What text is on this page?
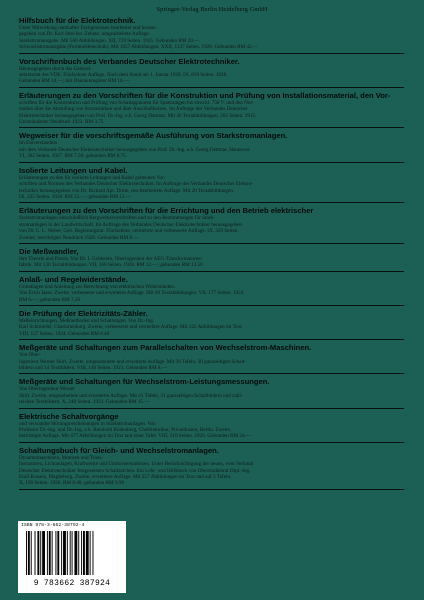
Springer-Verlag Berlin Heidelberg GmbH
Hilfsbuch für die Elektrotechnik.
Unter Mitwirkung namhafter Fachgenossen bearbeitet und heraus-
gegeben von Dr. Karl Strecker. Zehnte, umgearbeitete Auflage.
Starkstromausgabe. Mit 560 Abbildungen. XII, 739 Seiten. 1925. Gebunden RM 20.—
Schwachstromausgabe (Fernmeldetechnik). Mit 1057 Abbildungen. XXII, 1137 Seiten. 1928. Gebunden RM 42.—
Vorschriftenbuch des Verbandes Deutscher Elektrotechniker.
Herausgegeben durch das General-
sekretariat des VDE. Fünfzehnte Auflage. Nach dem Stand am 1. Januar 1928. IX, 819 Seiten. 1928.
Gebunden RM 14.—; mit Daumenregister RM 16.—
Erläuterungen zu den Vorschriften für die Konstruktion und Prüfung von Installationsmaterial, den Vor-
schriften für die Konstruktion und Prüfung von Schaltapparaten für Spannungen bis einschl. 750 V. und den Nor-
malien über die Abstufung von Stromstärken und über Anschlußbolzen. Im Auftrage des Verbandes Deutscher
Elektrotechniker herausgegeben von Prof. Dr.-Ing. e.h. Georg Dettmar. Mit 46 Textabbildungen. 202 Seiten. 1915.
Unveränderter Neudruck 1922. RM 3.75
Wegweiser für die vorschriftsgemäße Ausführung von Starkstromanlagen.
Im Einverständnis
mit dem Verbande Deutscher Elektrotechniker herausgegeben von Prof. Dr.-Ing. e.h. Georg Dettmar, Hannover.
VI, 302 Seiten. 1927. RM 7.50; gebunden RM 8.75
Isolierte Leitungen und Kabel.
Erläuterungen zu den für isolierte Leitungen und Kabel geltenden Vor-
schriften und Normen des Verbandes Deutscher Elektrotechniker. Im Auftrage des Verbandes Deutscher Elektro-
techniker herausgegeben von Dr. Richard Apt. Dritte, neu bearbeitete Auflage. Mit 20 Textabbildungen.
IX, 235 Seiten. 1928. RM 12.—; gebunden RM 13.—
Erläuterungen zu den Vorschriften für die Errichtung und den Betrieb elektrischer
Starkstromanlagen einschließlich Bergwerksvorschriften und zu den Bestimmungen für Stark-
stromanlagen in der Landwirtschaft. Im Auftrage des Verbandes Deutscher Elektrotechniker herausgegeben
von Dr. C. L. Weber, Geh. Regierungsrat. Fünfzehnte, vermehrte und verbesserte Auflage. IX, 329 Seiten.
Zweiter, berichtigter Neudruck 1928. Gebunden RM 8.—
Die Meßwandler,
ihre Theorie und Praxis. Von Dr. I. Goldstein, Oberingenieur der AEG-Transformatoren-
fabrik. Mit 130 Textabbildungen. VII, 166 Seiten. 1928. RM 12.—; gebunden RM 13.50
Anlaß- und Regelwiderstände.
Grundlagen und Anleitung zur Berechnung von elektrischen Widerständen.
Von Erich Jasse. Zweite, verbesserte und erweiterte Auflage. Mit 69 Textabbildungen. VII, 177 Seiten. 1924.
RM 6.—; gebunden RM 7.20
Die Prüfung der Elektrizitäts-Zähler.
Meßeinrichtungen, Meßmethoden und Schaltungen. Von Dr.-Ing.
Karl Schmiedel, Charlottenburg. Zweite, verbesserte und vermehrte Auflage. Mit 122 Abbildungen im Text.
VIII, 157 Seiten. 1924. Gebunden RM 8.40
Meßgeräte und Schaltungen zum Parallelschalten von Wechselstrom-Maschinen.
Von Ober-
ingenieur Werner Skirl. Zweite, umgearbeitete und erweiterte Auflage. Mit 30 Tafeln, 30 ganzseitigen Schalt-
bildern und 14 Textbildern. VIII, 140 Seiten. 1923. Gebunden RM 8.—
Meßgeräte und Schaltungen für Wechselstrom-Leistungsmessungen.
Von Oberingenieur Werner
Skirl. Zweite, umgearbeitete und erweiterte Auflage. Mit 41 Tafeln, 31 ganzseitigen Schaltbildern und zahl-
reichen Textbildern. X, 248 Seiten. 1923. Gebunden RM 15.—
Elektrische Schaltvorgänge
und verwandte Störungserscheinungen in Starkstromanlagen. Von
Professor Dr.-Ing. und Dr.-Ing. e.h. Reinhold Rüdenberg, Chefelektriker, Privatdozent, Berlin. Zweite,
berichtigte Auflage. Mit 477 Abbildungen im Text und einer Tafel. VIII, 510 Seiten. 1926. Gebunden RM 24.—
Schaltungsbuch für Gleich- und Wechselstromanlagen.
Dynamomaschinen, Motoren und Trans-
formatoren, Lichtanlagen, Kraftwerke und Umformerstationen. Unter Berücksichtigung der neuen, vom Verband
Deutscher Elektrotechniker festgesetzten Schaltzeichen. Ein Lehr- und Hilfsbuch von Oberstudienrat Dipl.-Ing.
Emil Kosack, Magdeburg. Zweite, erweiterte Auflage. Mit 257 Abbildungen im Text und auf 2 Tafeln.
X, 198 Seiten. 1926. RM 8.40; gebunden RM 9.90
ISBN 978-3-662-38792-4
9 783662 387924
